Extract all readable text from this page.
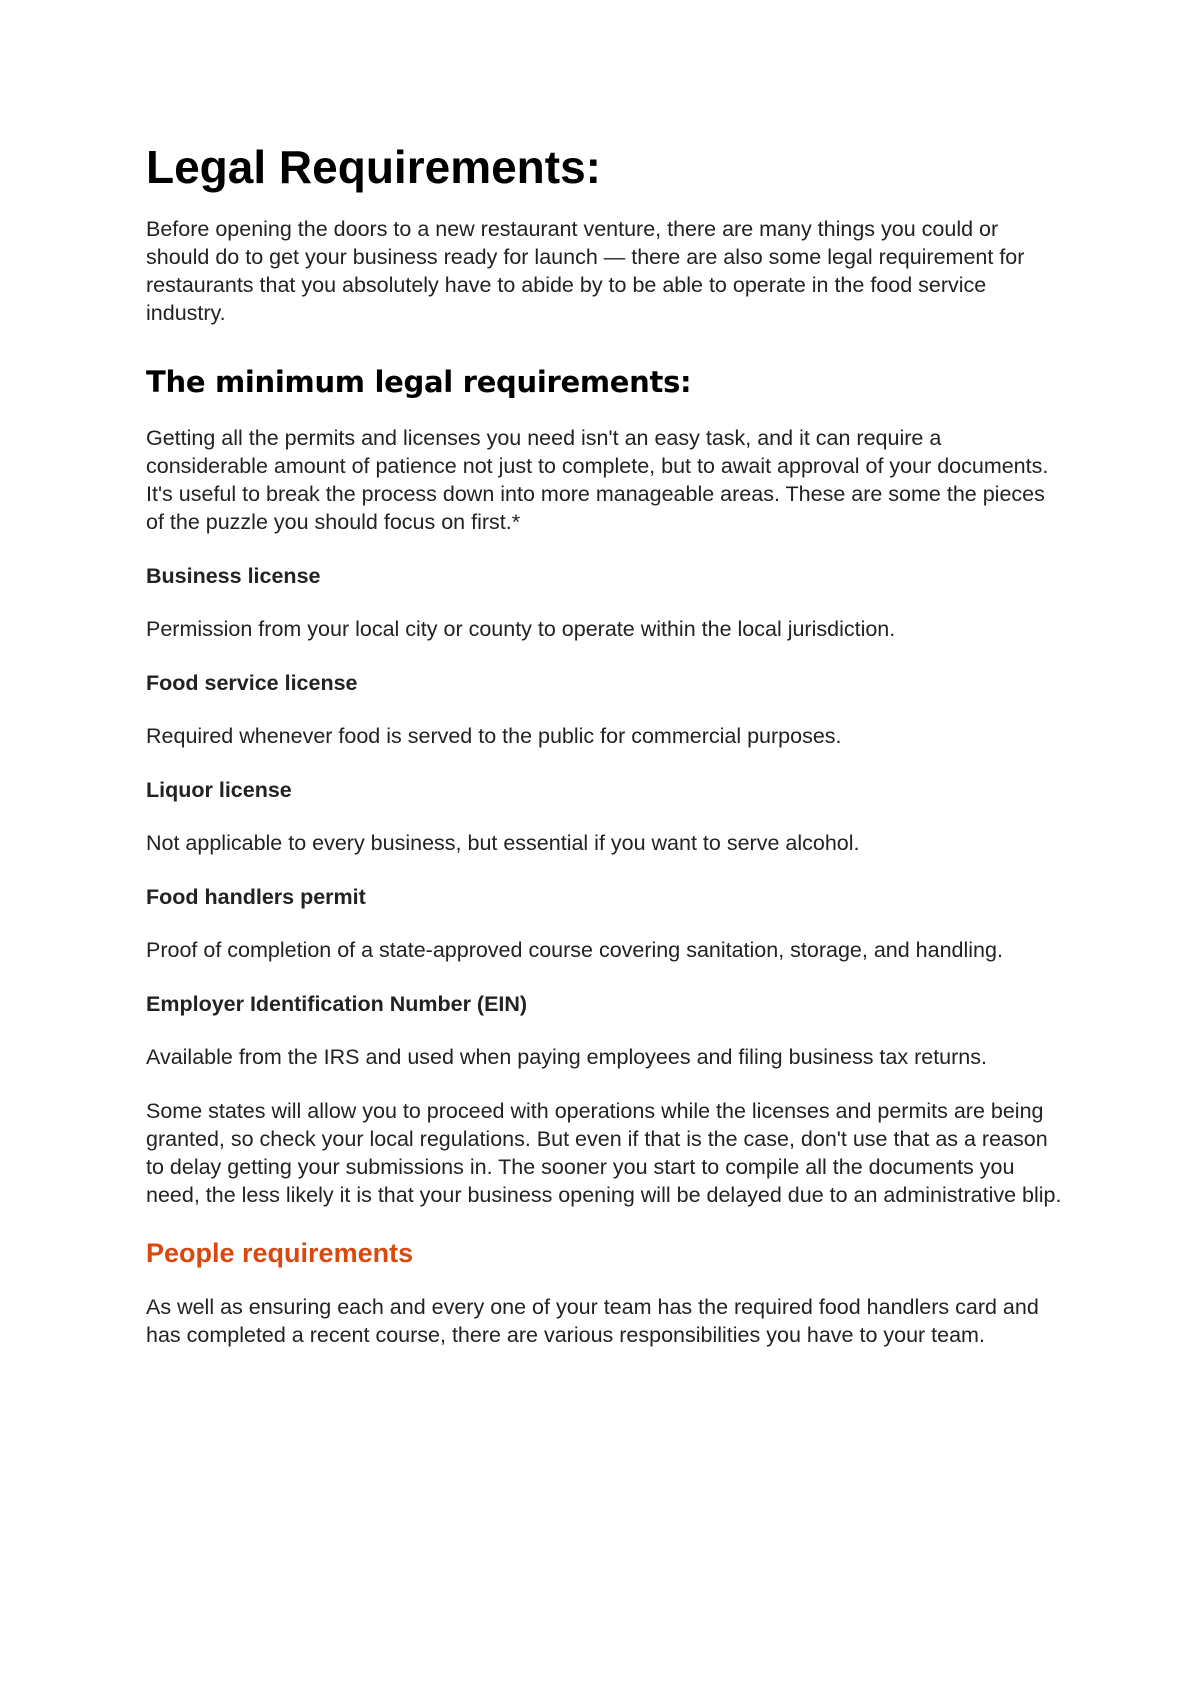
Legal Requirements:

Before opening the doors to a new restaurant venture, there are many things you could or should do to get your business ready for launch — there are also some legal requirement for restaurants that you absolutely have to abide by to be able to operate in the food service industry.

The minimum legal requirements:

Getting all the permits and licenses you need isn't an easy task, and it can require a considerable amount of patience not just to complete, but to await approval of your documents. It's useful to break the process down into more manageable areas. These are some the pieces of the puzzle you should focus on first.*

Business license

Permission from your local city or county to operate within the local jurisdiction.

Food service license

Required whenever food is served to the public for commercial purposes.

Liquor license

Not applicable to every business, but essential if you want to serve alcohol.

Food handlers permit

Proof of completion of a state-approved course covering sanitation, storage, and handling.

Employer Identification Number (EIN)

Available from the IRS and used when paying employees and filing business tax returns.

Some states will allow you to proceed with operations while the licenses and permits are being granted, so check your local regulations. But even if that is the case, don't use that as a reason to delay getting your submissions in. The sooner you start to compile all the documents you need, the less likely it is that your business opening will be delayed due to an administrative blip.

People requirements

As well as ensuring each and every one of your team has the required food handlers card and has completed a recent course, there are various responsibilities you have to your team.
